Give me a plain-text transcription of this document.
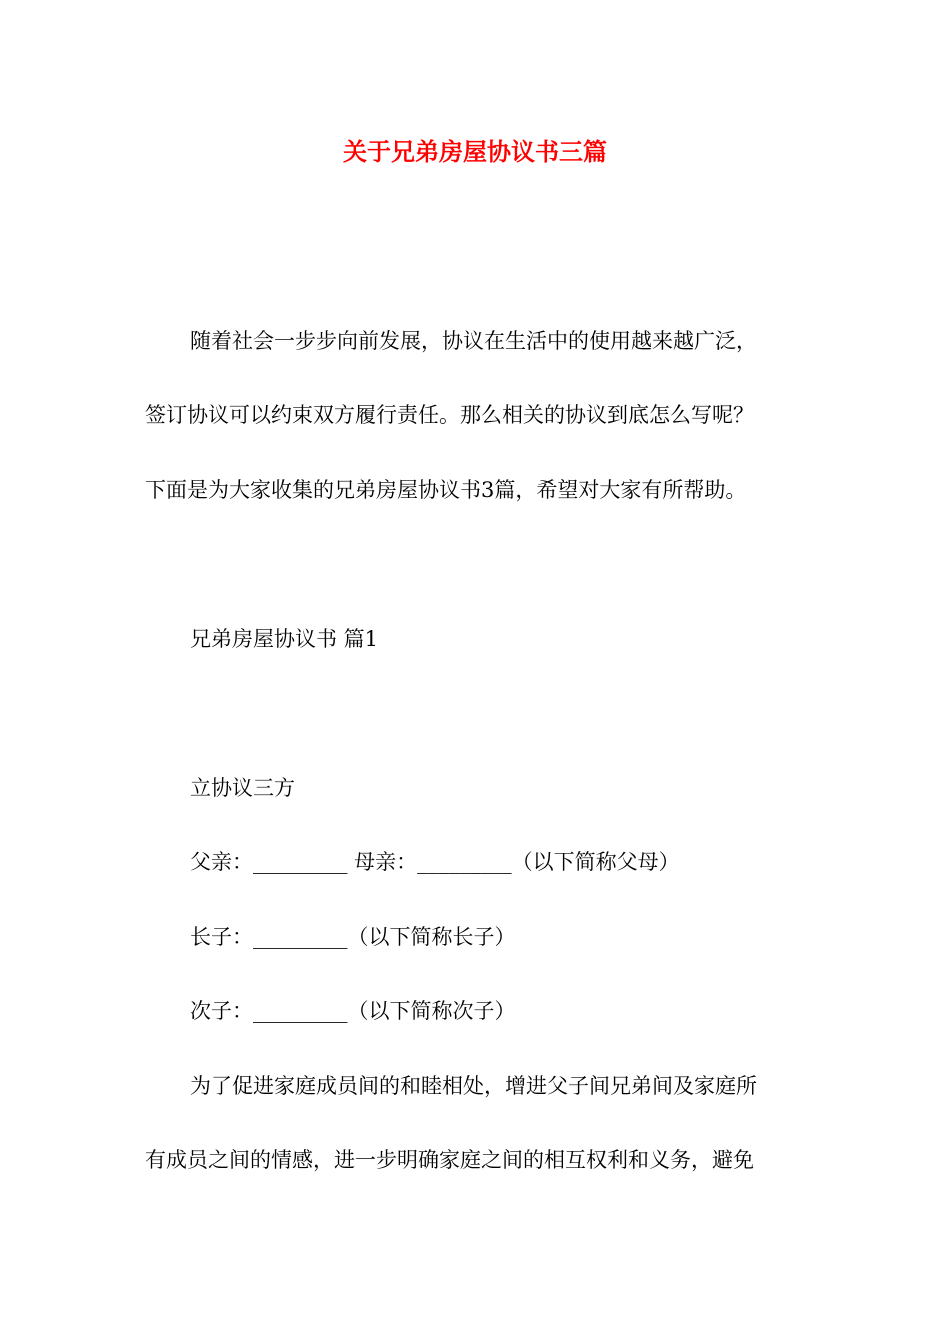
关于兄弟房屋协议书三篇

随着社会一步步向前发展，协议在生活中的使用越来越广泛，

签订协议可以约束双方履行责任。那么相关的协议到底怎么写呢？

下面是为大家收集的兄弟房屋协议书3篇，希望对大家有所帮助。

兄弟房屋协议书 篇1

立协议三方

父亲：_________ 母亲：_________（以下简称父母）

长子：_________（以下简称长子）

次子：_________（以下简称次子）

为了促进家庭成员间的和睦相处，增进父子间兄弟间及家庭所

有成员之间的情感，进一步明确家庭之间的相互权利和义务，避免
